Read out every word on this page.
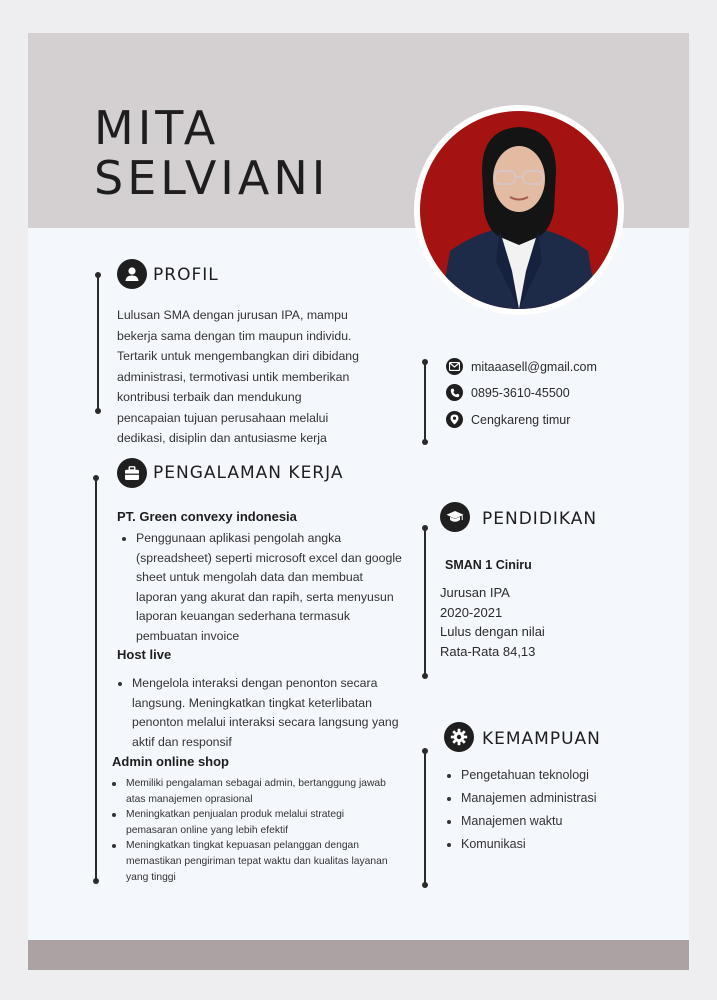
MITA
SELVIANI
PROFIL
Lulusan SMA dengan jurusan IPA, mampu
bekerja sama dengan tim maupun individu.
Tertarik untuk mengembangkan diri dibidang
administrasi, termotivasi untik memberikan
kontribusi terbaik dan mendukung
pencapaian tujuan perusahaan melalui
dedikasi, disiplin dan antusiasme kerja
mitaaasell@gmail.com
0895-3610-45500
Cengkareng timur
PENGALAMAN KERJA
PT. Green convexy indonesia
Penggunaan aplikasi pengolah angka (spreadsheet) seperti microsoft excel dan google sheet untuk mengolah data dan membuat laporan yang akurat dan rapih, serta menyusun laporan keuangan sederhana termasuk pembuatan invoice
Host live
Mengelola interaksi dengan penonton secara langsung. Meningkatkan tingkat keterlibatan penonton melalui interaksi secara langsung yang aktif dan responsif
Admin online shop
Memiliki pengalaman sebagai admin, bertanggung jawab atas manajemen oprasional
Meningkatkan penjualan produk melalui strategi pemasaran online yang lebih efektif
Meningkatkan tingkat kepuasan pelanggan dengan memastikan pengiriman tepat waktu dan kualitas layanan yang tinggi
PENDIDIKAN
SMAN 1 Ciniru
Jurusan IPA
2020-2021
Lulus dengan nilai
Rata-Rata 84,13
KEMAMPUAN
Pengetahuan teknologi
Manajemen administrasi
Manajemen waktu
Komunikasi
